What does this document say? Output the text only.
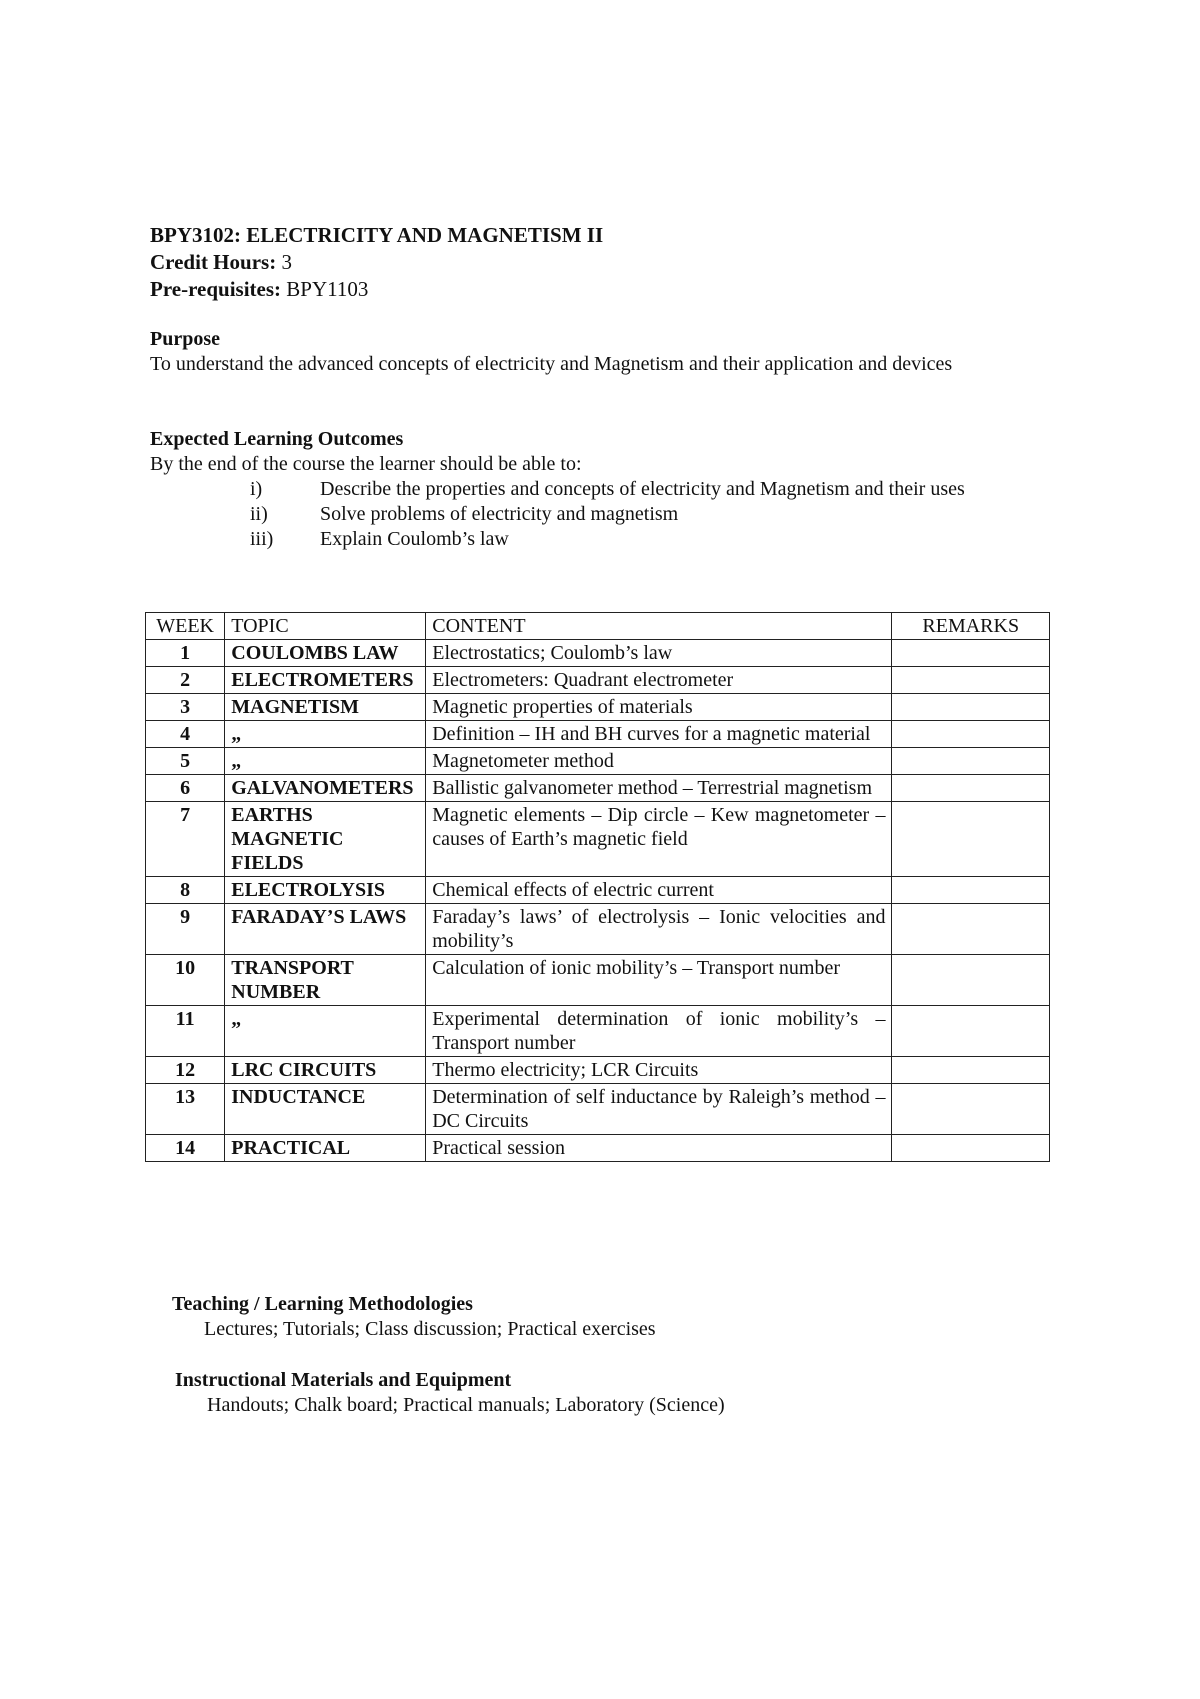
BPY3102: ELECTRICITY AND MAGNETISM II
Credit Hours: 3
Pre-requisites: BPY1103
Purpose
To understand the advanced concepts of electricity and Magnetism and their application and devices
Expected Learning Outcomes
By the end of the course the learner should be able to:
i)	Describe the properties and concepts of electricity and Magnetism and their uses
ii)	Solve problems of electricity and magnetism
iii)	Explain Coulomb’s law
WEEK	TOPIC	CONTENT	REMARKS
1	COULOMBS LAW	Electrostatics; Coulomb’s law	
2	ELECTROMETERS	Electrometers: Quadrant electrometer	
3	MAGNETISM	Magnetic properties of materials	
4	„	Definition – IH and BH curves for a magnetic material	
5	„	Magnetometer method	
6	GALVANOMETERS	Ballistic galvanometer method – Terrestrial magnetism	
7	EARTHS MAGNETIC FIELDS	Magnetic elements – Dip circle – Kew magnetometer – causes of Earth’s magnetic field	
8	ELECTROLYSIS	Chemical effects of electric current	
9	FARADAY’S LAWS	Faraday’s laws’ of electrolysis – Ionic velocities and mobility’s	
10	TRANSPORT NUMBER	Calculation of ionic mobility’s – Transport number	
11	„	Experimental determination of ionic mobility’s – Transport number	
12	LRC CIRCUITS	Thermo electricity; LCR Circuits	
13	INDUCTANCE	Determination of self inductance by Raleigh’s method – DC Circuits	
14	PRACTICAL	Practical session	
Teaching / Learning Methodologies
Lectures; Tutorials; Class discussion; Practical exercises
Instructional Materials and Equipment
Handouts; Chalk board; Practical manuals; Laboratory (Science)
